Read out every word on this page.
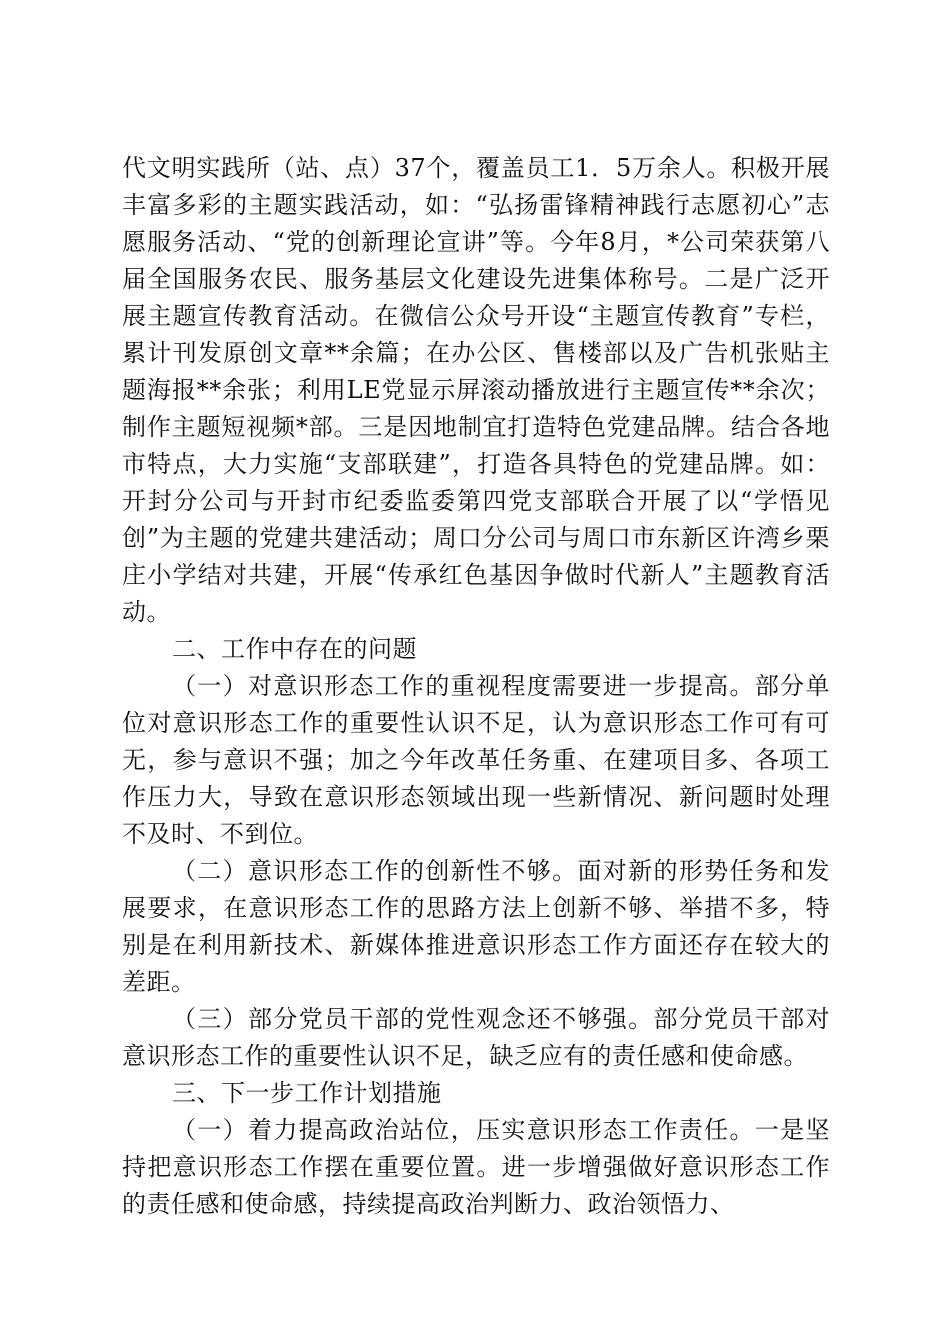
代文明实践所（站、点）37个，覆盖员工1．5万余人。积极开展丰富多彩的主题实践活动，如：“弘扬雷锋精神践行志愿初心”志愿服务活动、“党的创新理论宣讲”等。今年8月，*公司荣获第八届全国服务农民、服务基层文化建设先进集体称号。二是广泛开展主题宣传教育活动。在微信公众号开设“主题宣传教育”专栏，累计刊发原创文章**余篇；在办公区、售楼部以及广告机张贴主题海报**余张；利用LE党显示屏滚动播放进行主题宣传**余次；制作主题短视频*部。三是因地制宜打造特色党建品牌。结合各地市特点，大力实施“支部联建”，打造各具特色的党建品牌。如：开封分公司与开封市纪委监委第四党支部联合开展了以“学悟见创”为主题的党建共建活动；周口分公司与周口市东新区许湾乡栗庄小学结对共建，开展“传承红色基因争做时代新人”主题教育活动。

二、工作中存在的问题

（一）对意识形态工作的重视程度需要进一步提高。部分单位对意识形态工作的重要性认识不足，认为意识形态工作可有可无，参与意识不强；加之今年改革任务重、在建项目多、各项工作压力大，导致在意识形态领域出现一些新情况、新问题时处理不及时、不到位。

（二）意识形态工作的创新性不够。面对新的形势任务和发展要求，在意识形态工作的思路方法上创新不够、举措不多，特别是在利用新技术、新媒体推进意识形态工作方面还存在较大的差距。

（三）部分党员干部的党性观念还不够强。部分党员干部对意识形态工作的重要性认识不足，缺乏应有的责任感和使命感。

三、下一步工作计划措施

（一）着力提高政治站位，压实意识形态工作责任。一是坚持把意识形态工作摆在重要位置。进一步增强做好意识形态工作的责任感和使命感，持续提高政治判断力、政治领悟力、
